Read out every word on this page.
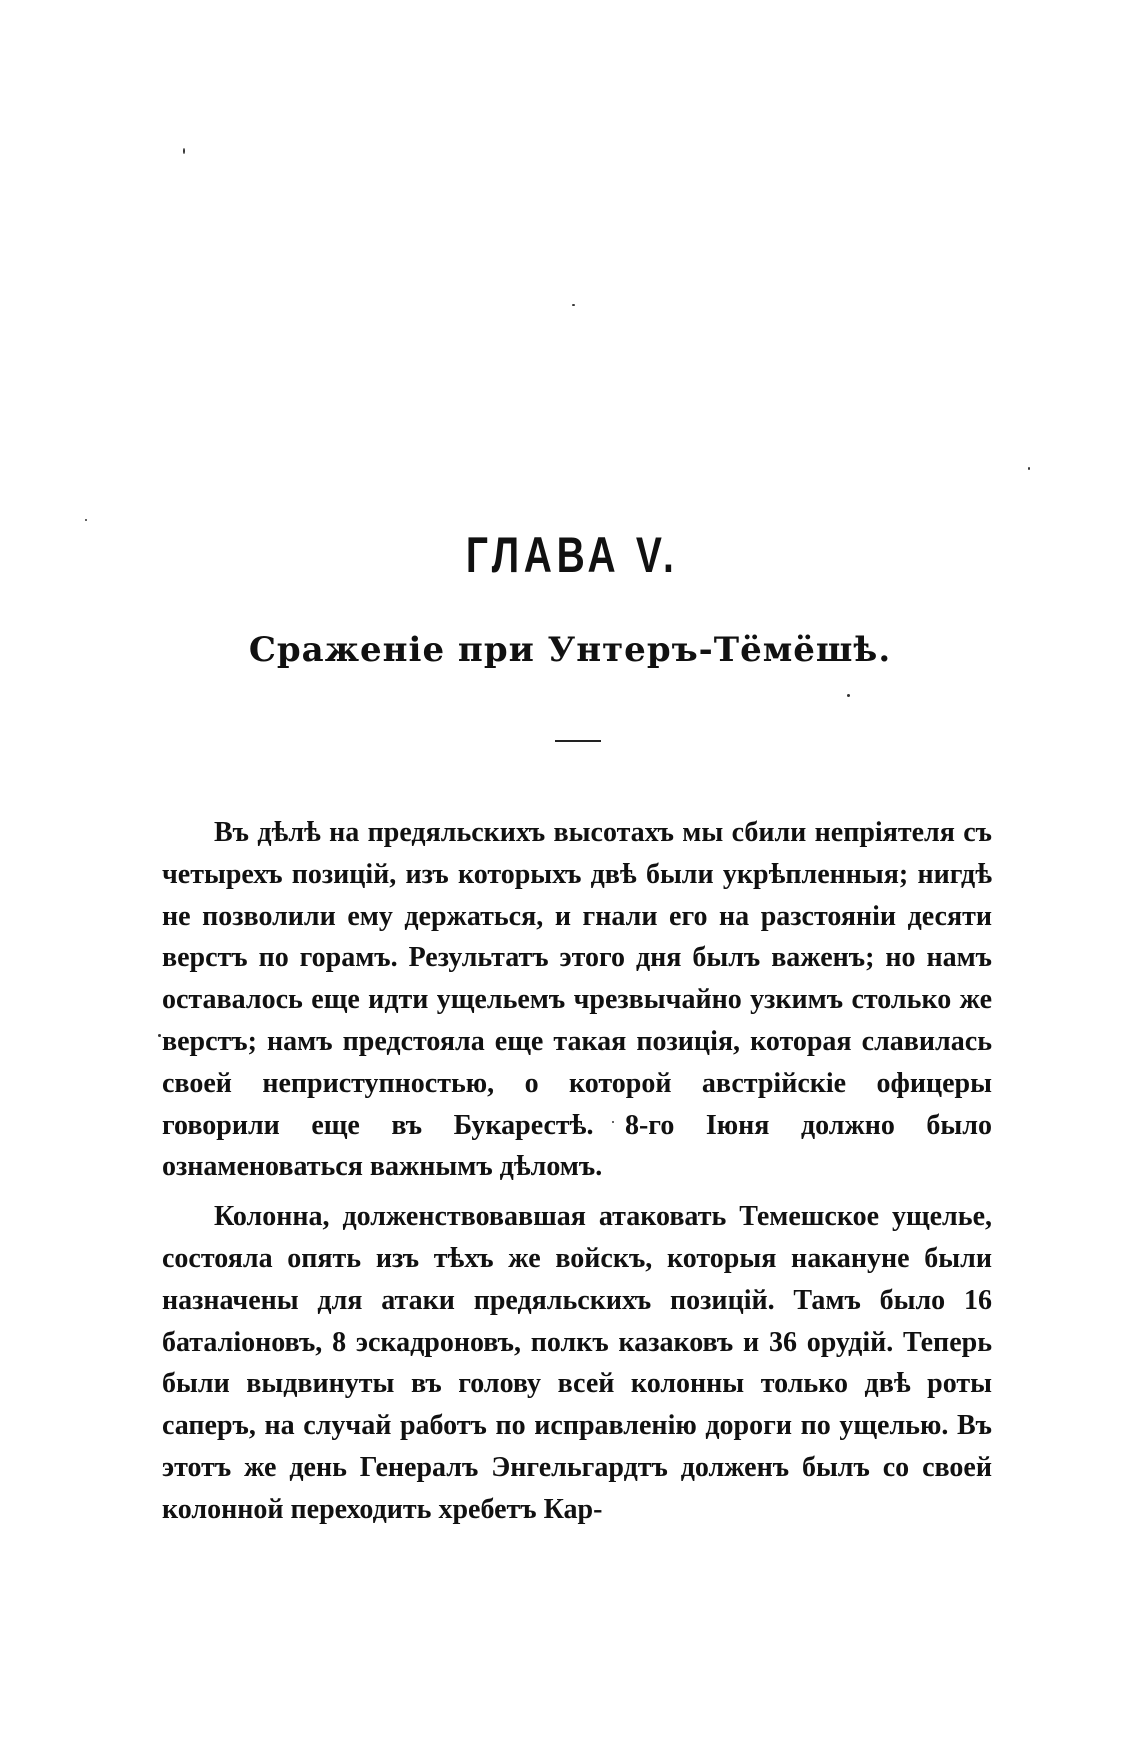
ГЛАВА V.
Сраженіе при Унтеръ-Тёмёшѣ.

Въ дѣлѣ на предяльскихъ высотахъ мы сбили непріятеля съ четырехъ позицій, изъ которыхъ двѣ были укрѣпленныя; нигдѣ не позволили ему держаться, и гнали его на разстояніи десяти верстъ по горамъ. Результатъ этого дня былъ важенъ; но намъ оставалось еще идти ущельемъ чрезвычайно узкимъ столько же верстъ; намъ предстояла еще такая позиція, которая славилась своей неприступностью, о которой австрійскіе офицеры говорили еще въ Букарестѣ. 8-го Іюня должно было ознаменоваться важнымъ дѣломъ.

Колонна, долженствовавшая атаковать Темешское ущелье, состояла опять изъ тѣхъ же войскъ, которыя накануне были назначены для атаки предяльскихъ позицій. Тамъ было 16 баталіоновъ, 8 эскадроновъ, полкъ казаковъ и 36 орудій. Теперь были выдвинуты въ голову всей колонны только двѣ роты саперъ, на случай работъ по исправленію дороги по ущелью. Въ этотъ же день Генералъ Энгельгардтъ долженъ былъ со своей колонной переходить хребетъ Кар-
